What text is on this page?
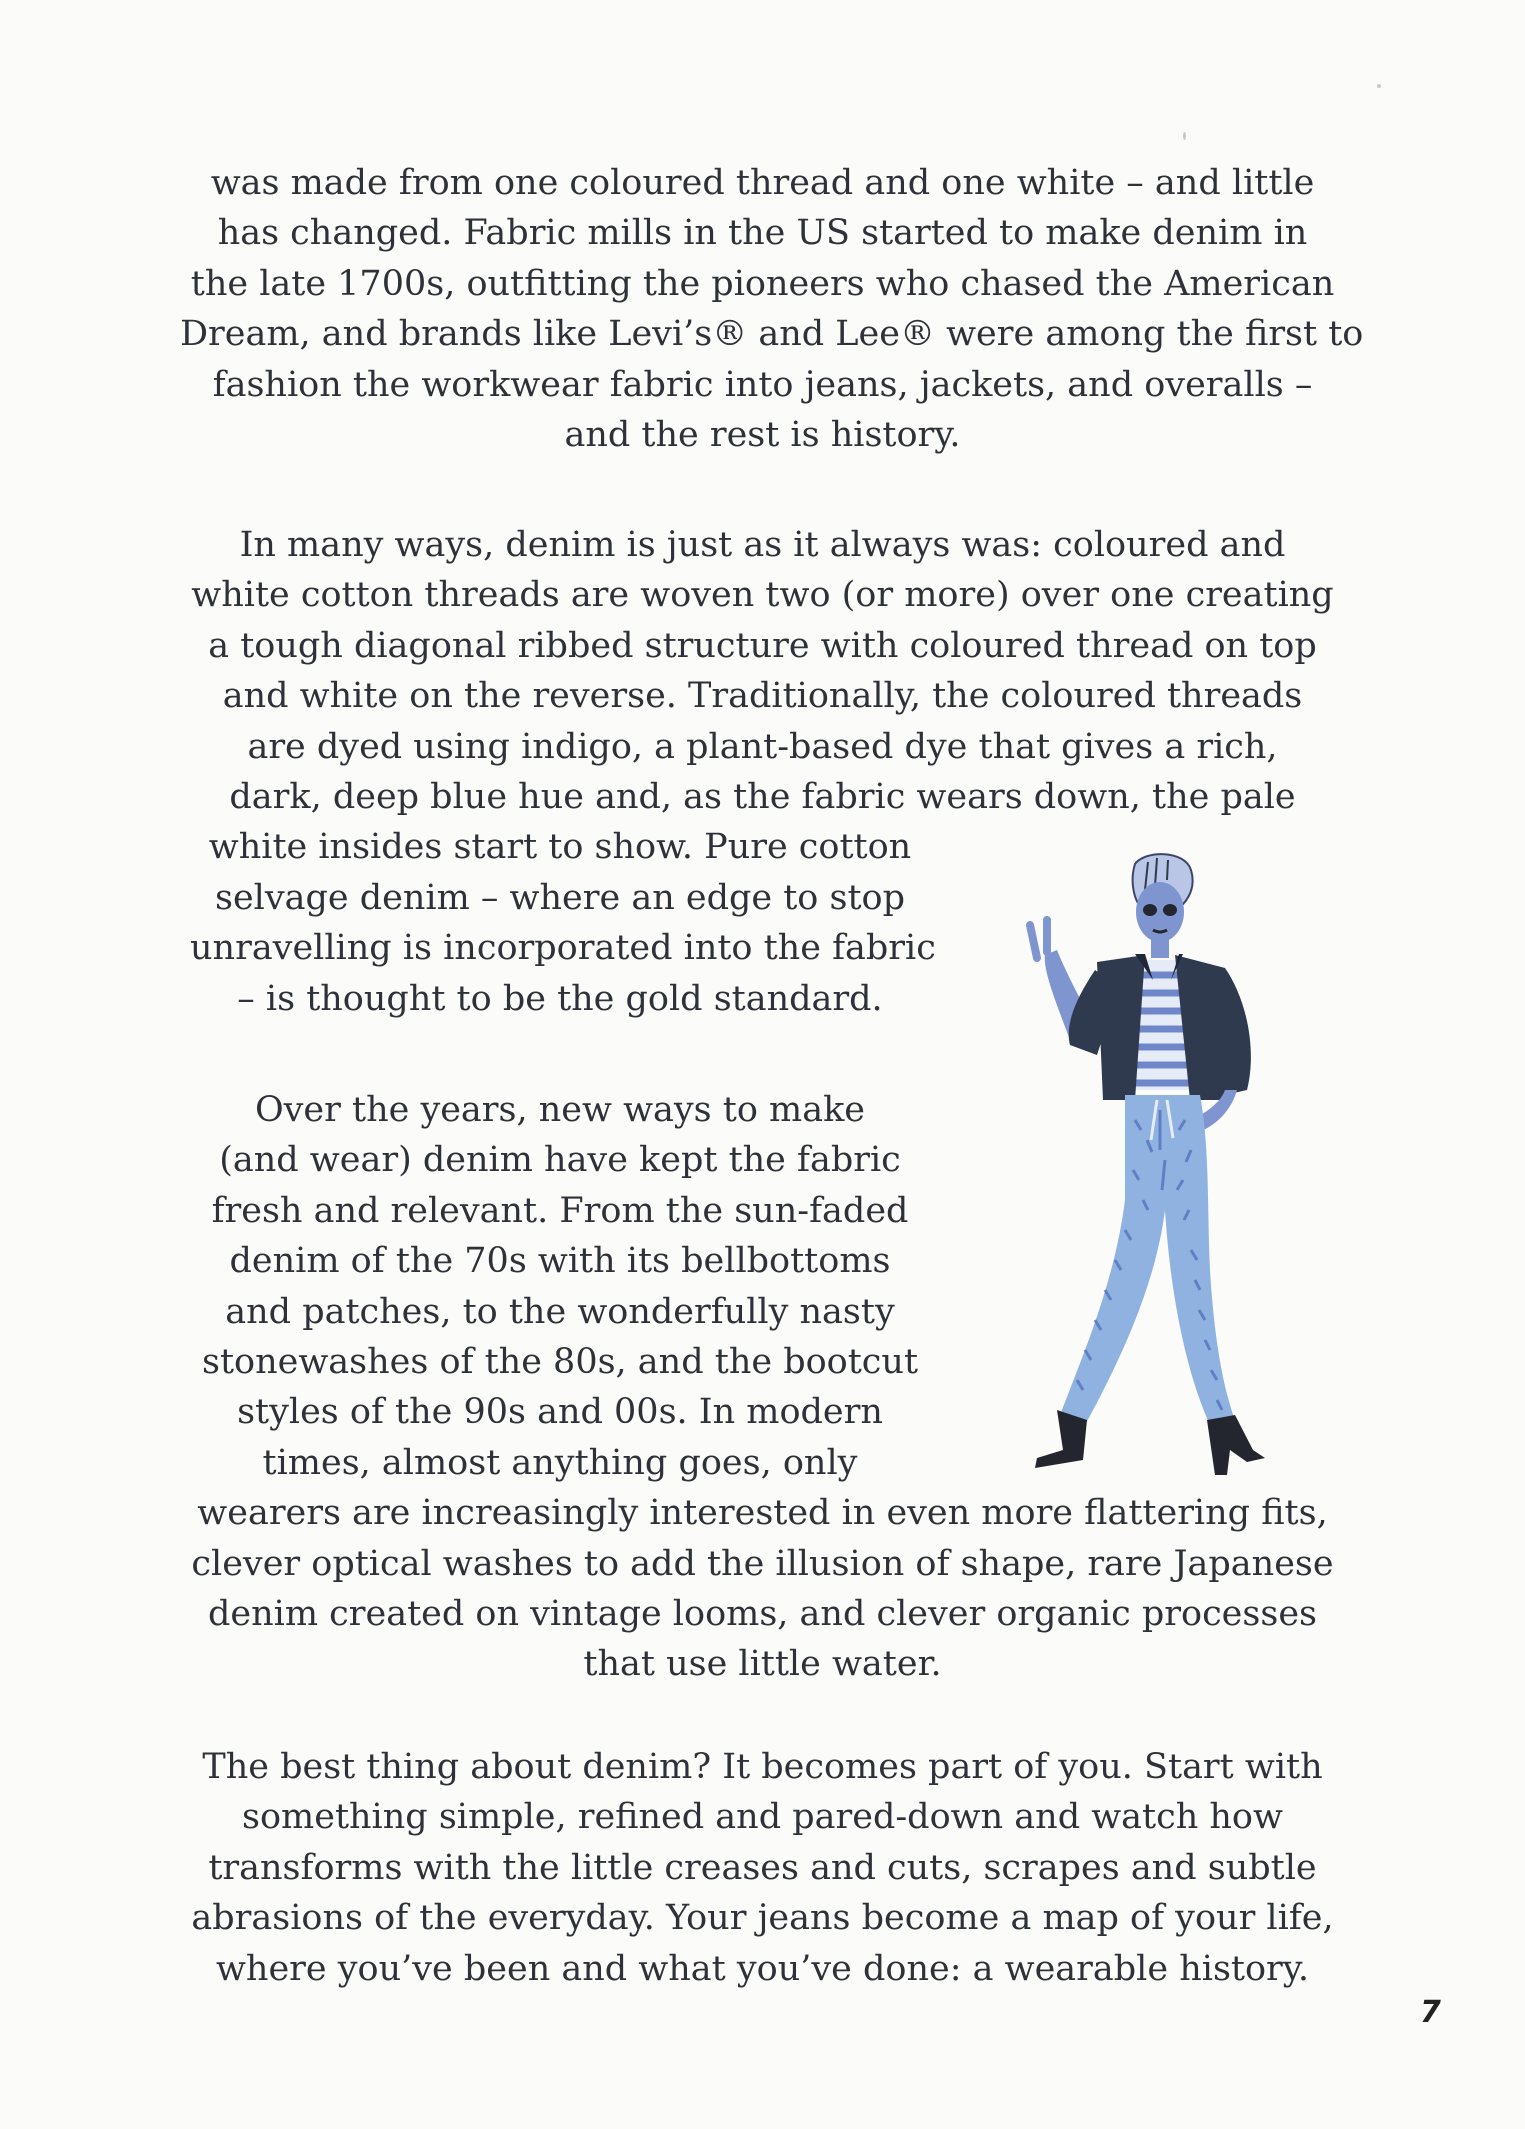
was made from one coloured thread and one white – and little
has changed. Fabric mills in the US started to make denim in
the late 1700s, outfitting the pioneers who chased the American
Dream, and brands like Levi’s® and Lee® were among the first to
fashion the workwear fabric into jeans, jackets, and overalls –
and the rest is history.
In many ways, denim is just as it always was: coloured and
white cotton threads are woven two (or more) over one creating
a tough diagonal ribbed structure with coloured thread on top
and white on the reverse. Traditionally, the coloured threads
are dyed using indigo, a plant-based dye that gives a rich,
dark, deep blue hue and, as the fabric wears down, the pale
white insides start to show. Pure cotton
selvage denim – where an edge to stop
unravelling is incorporated into the fabric
– is thought to be the gold standard.
Over the years, new ways to make
(and wear) denim have kept the fabric
fresh and relevant. From the sun-faded
denim of the 70s with its bellbottoms
and patches, to the wonderfully nasty
stonewashes of the 80s, and the bootcut
styles of the 90s and 00s. In modern
times, almost anything goes, only
wearers are increasingly interested in even more flattering fits,
clever optical washes to add the illusion of shape, rare Japanese
denim created on vintage looms, and clever organic processes
that use little water.
The best thing about denim? It becomes part of you. Start with
something simple, refined and pared-down and watch how
transforms with the little creases and cuts, scrapes and subtle
abrasions of the everyday. Your jeans become a map of your life,
where you’ve been and what you’ve done: a wearable history.
7
